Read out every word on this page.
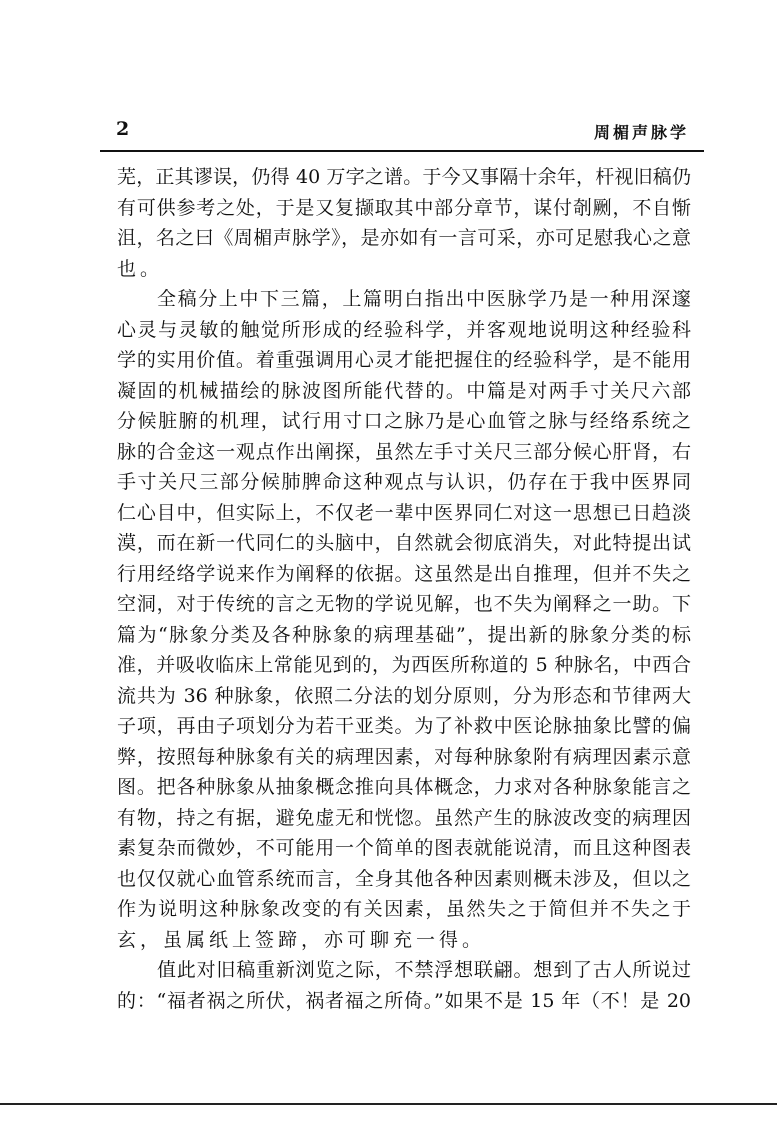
2	周楣声脉学
芜，正其谬误，仍得 40 万字之谱。于今又事隔十余年，杆视旧稿仍
有可供参考之处，于是又复撷取其中部分章节，谋付剞劂，不自惭
沮，名之曰《周楣声脉学》，是亦如有一言可采，亦可足慰我心之意
也。
全稿分上中下三篇，上篇明白指出中医脉学乃是一种用深邃
心灵与灵敏的触觉所形成的经验科学，并客观地说明这种经验科
学的实用价值。着重强调用心灵才能把握住的经验科学，是不能用
凝固的机械描绘的脉波图所能代替的。中篇是对两手寸关尺六部
分候脏腑的机理，试行用寸口之脉乃是心血管之脉与经络系统之
脉的合金这一观点作出阐探，虽然左手寸关尺三部分候心肝肾，右
手寸关尺三部分候肺脾命这种观点与认识，仍存在于我中医界同
仁心目中，但实际上，不仅老一辈中医界同仁对这一思想已日趋淡
漠，而在新一代同仁的头脑中，自然就会彻底消失，对此特提出试
行用经络学说来作为阐释的依据。这虽然是出自推理，但并不失之
空洞，对于传统的言之无物的学说见解，也不失为阐释之一助。下
篇为“脉象分类及各种脉象的病理基础”，提出新的脉象分类的标
准，并吸收临床上常能见到的，为西医所称道的 5 种脉名，中西合
流共为 36 种脉象，依照二分法的划分原则，分为形态和节律两大
子项，再由子项划分为若干亚类。为了补救中医论脉抽象比譬的偏
弊，按照每种脉象有关的病理因素，对每种脉象附有病理因素示意
图。把各种脉象从抽象概念推向具体概念，力求对各种脉象能言之
有物，持之有据，避免虚无和恍惚。虽然产生的脉波改变的病理因
素复杂而微妙，不可能用一个简单的图表就能说清，而且这种图表
也仅仅就心血管系统而言，全身其他各种因素则概未涉及，但以之
作为说明这种脉象改变的有关因素，虽然失之于简但并不失之于
玄，虽属纸上签蹄，亦可聊充一得。
值此对旧稿重新浏览之际，不禁浮想联翩。想到了古人所说过
的：“福者祸之所伏，祸者福之所倚。”如果不是 15 年（不！是 20
